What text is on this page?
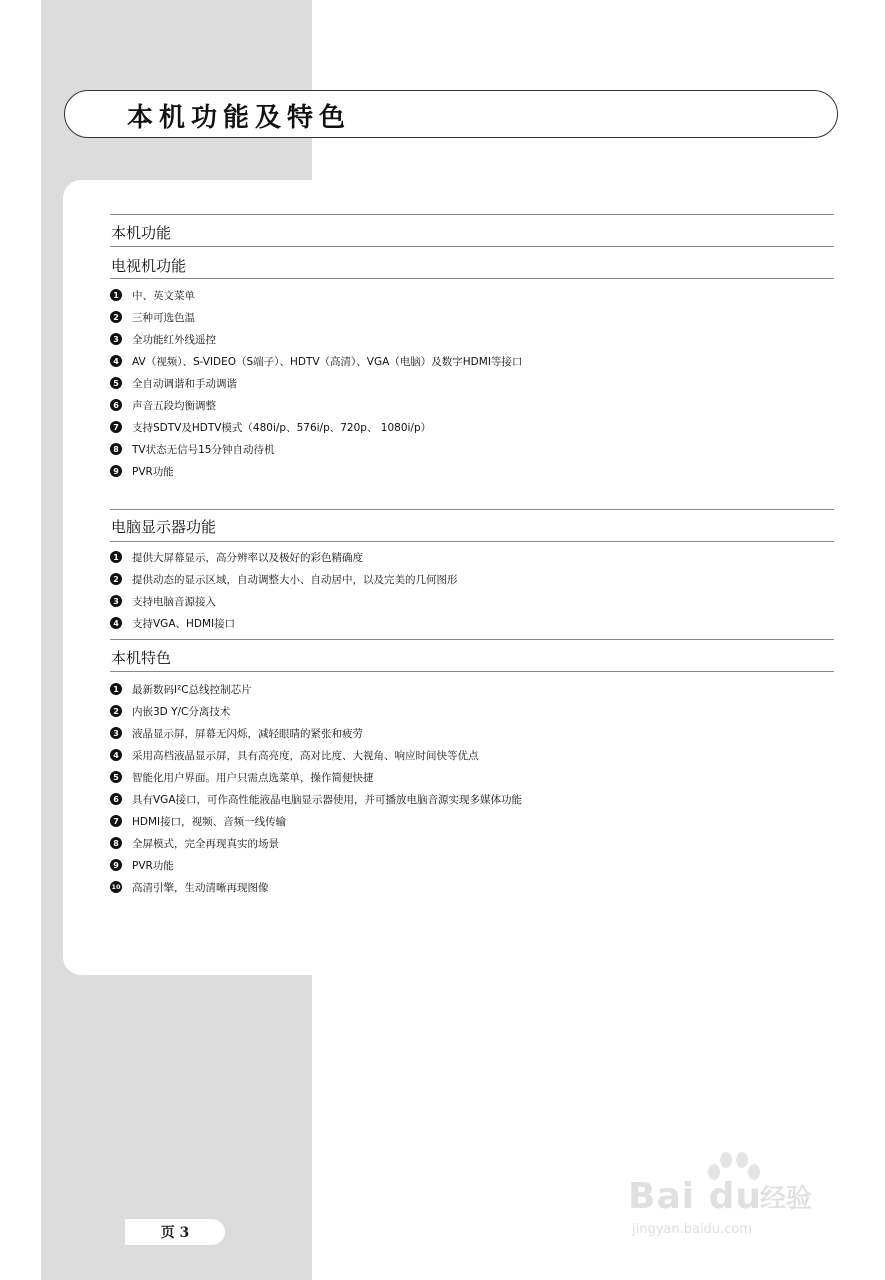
本机功能及特色
本机功能
电视机功能
1	中、英文菜单
2	三种可选色温
3	全功能红外线遥控
4	AV（视频）、S-VIDEO（S端子）、HDTV（高清）、VGA（电脑）及数字HDMI等接口
5	全自动调谐和手动调谐
6	声音五段均衡调整
7	支持SDTV及HDTV模式（480i/p、576i/p、720p、 1080i/p）
8	TV状态无信号15分钟自动待机
9	PVR功能
电脑显示器功能
1	提供大屏幕显示，高分辨率以及极好的彩色精确度
2	提供动态的显示区域，自动调整大小、自动居中，以及完美的几何图形
3	支持电脑音源接入
4	支持VGA、HDMI接口
本机特色
1	最新数码I²C总线控制芯片
2	内嵌3D Y/C分离技术
3	液晶显示屏，屏幕无闪烁，减轻眼睛的紧张和疲劳
4	采用高档液晶显示屏，具有高亮度，高对比度、大视角、响应时间快等优点
5	智能化用户界面。用户只需点选菜单，操作简便快捷
6	具有VGA接口，可作高性能液晶电脑显示器使用，并可播放电脑音源实现多媒体功能
7	HDMI接口，视频、音频一线传输
8	全屏模式，完全再现真实的场景
9	PVR功能
10 高清引擎，生动清晰再现图像
页 3
Bai du
经验
jingyan.baidu.com
